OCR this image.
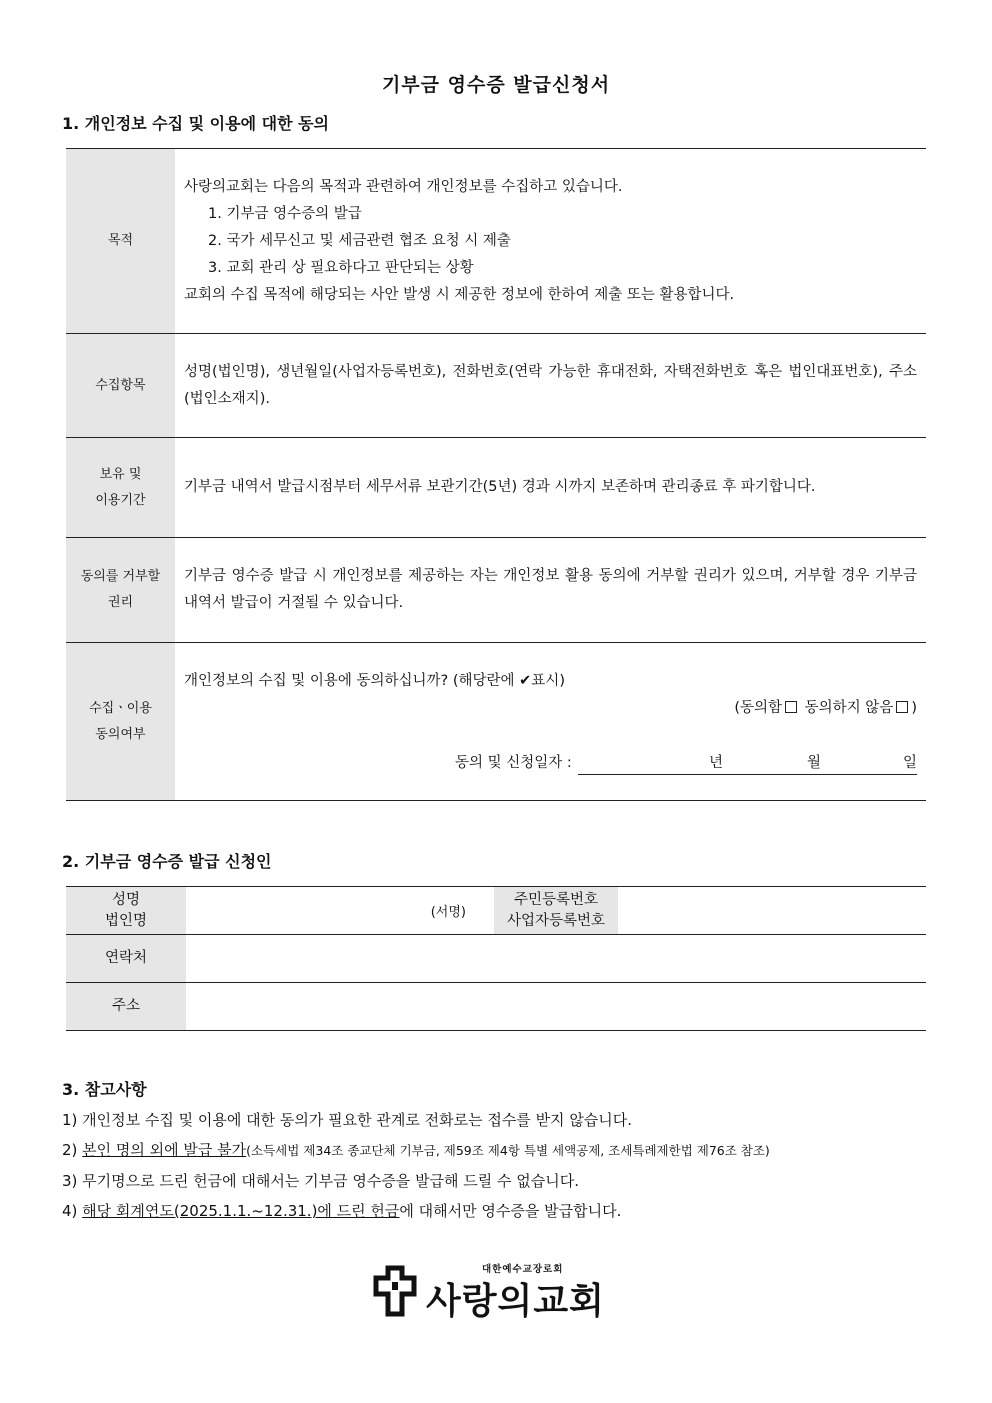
기부금 영수증 발급신청서
1. 개인정보 수집 및 이용에 대한 동의
목적
사랑의교회는 다음의 목적과 관련하여 개인정보를 수집하고 있습니다.
1. 기부금 영수증의 발급
2. 국가 세무신고 및 세금관련 협조 요청 시 제출
3. 교회 관리 상 필요하다고 판단되는 상황
교회의 수집 목적에 해당되는 사안 발생 시 제공한 정보에 한하여 제출 또는 활용합니다.
수집항목
성명(법인명), 생년월일(사업자등록번호), 전화번호(연락 가능한 휴대전화, 자택전화번호 혹은 법인대표번호), 주소(법인소재지).
보유 및
이용기간
기부금 내역서 발급시점부터 세무서류 보관기간(5년) 경과 시까지 보존하며 관리종료 후 파기합니다.
동의를 거부할
권리
기부금 영수증 발급 시 개인정보를 제공하는 자는 개인정보 활용 동의에 거부할 권리가 있으며, 거부할 경우 기부금 내역서 발급이 거절될 수 있습니다.
수집ㆍ이용
동의여부
개인정보의 수집 및 이용에 동의하십니까? (해당란에 ✔표시)
(동의함 동의하지 않음 )
동의 및 신청일자 :	년	월	일
2. 기부금 영수증 발급 신청인
성명
법인명	(서명)
주민등록번호
사업자등록번호
연락처
주소
3. 참고사항
1) 개인정보 수집 및 이용에 대한 동의가 필요한 관계로 전화로는 접수를 받지 않습니다.
2) 본인 명의 외에 발급 불가(소득세법 제34조 종교단체 기부금, 제59조 제4항 특별 세액공제, 조세특례제한법 제76조 참조)
3) 무기명으로 드린 헌금에 대해서는 기부금 영수증을 발급해 드릴 수 없습니다.
4) 해당 회계연도(2025.1.1.~12.31.)에 드린 헌금에 대해서만 영수증을 발급합니다.
대한예수교장로회
사랑의교회
